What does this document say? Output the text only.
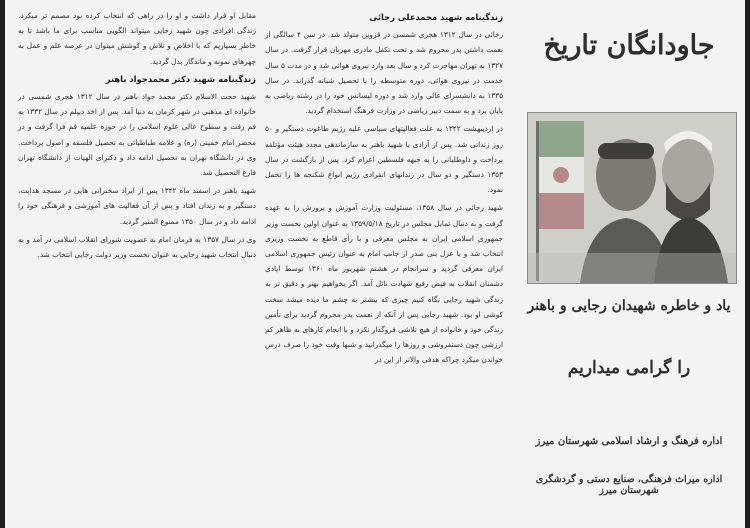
مقابل او قرار داشت و او را در راهی که انتخاب کرده بود مصمم تر میکرد. زندگی افرادی چون شهید رجایی میتواند الگویی مناسب برای ما باشد تا به خاطر بسپاریم که با اخلاص و تلاش و کوشش میتوان در عرصه علم و عمل به چهرهای نمونه و ماندگار بدل گردید.

زندگینامه شهید دکتر محمدجواد باهنر

شهید حجت الاسلام دکتر محمد جواد باهنر در سال ۱۳۱۲ هجری شمسی در خانواده ای مذهبی در شهر کرمان به دنیا آمد. پس از اخذ دیپلم در سال ۱۳۳۲ به قم رفت و سطوح عالی علوم اسلامی را در حوزه علمیه قم فرا گرفت و در محضر امام خمینی (ره) و علامه طباطبائی به تحصیل فلسفه و اصول پرداخت. وی در دانشگاه تهران به تحصیل ادامه داد و دکترای الهیات از دانشگاه تهران فارغ التحصیل شد.

شهید باهنر در اسفند ماه ۱۳۴۲ پس از ایراد سخنرانی هایی در مسجد هدایت، دستگیر و به زندان افتاد و پس از آن فعالیت های آموزشی و فرهنگی خود را ادامه داد و در سال ۱۳۵۰ ممنوع المنبر گردید.

وی در سال ۱۳۵۷ به فرمان امام به عضویت شورای انقلاب اسلامی در آمد و به دنبال انتخاب شهید رجایی به عنوان نخست وزیر دولت رجایی انتخاب شد.

زندگینامه شهید محمدعلی رجائی

رجائی در سال ۱۳۱۲ هجری شمسی در قزوین متولد شد. در سن ۴ سالگی از نعمت داشتن پدر محروم شد و تحت تکفل مادری مهربان قرار گرفت. در سال ۱۳۲۷ به تهران مهاجرت کرد و سال بعد وارد نیروی هوائی شد و در مدت ۵ سال خدمت در نیروی هوائی، دوره متوسطه را با تحصیل شبانه گذراند. در سال ۱۳۳۵ به دانشسرای عالی وارد شد و دوره لیسانس خود را در رشته ریاضی به پایان برد و به سمت دبیر ریاضی در وزارت فرهنگ استخدام گردید.

در اردیبهشت ۱۳۴۲ به علت فعالیتهای سیاسی علیه رژیم طاغوت دستگیر و ۵۰ روز زندانی شد. پس از آزادی با شهید باهنر به سازماندهی مجدد هیئت مؤتلفه پرداخت و داوطلبانی را به جبهه فلسطین اعزام کرد. پس از بازگشت در سال ۱۳۵۳ دستگیر و دو سال در زندانهای انفرادی رژیم انواع شکنجه ها را تحمل نمود.

شهید رجائی در سال ۱۳۵۸، مسئولیت وزارت آموزش و پرورش را به عهده گرفت و به دنبال تمایل مجلس در تاریخ ۱۳۵۹/۵/۱۸ به عنوان اولین نخست وزیر جمهوری اسلامی ایران به مجلس معرفی و با رأی قاطع به نخست وزیری انتخاب شد و با عزل بنی صدر از جانب امام به عنوان رئیس جمهوری اسلامی ایران معرفی گردید و سرانجام در هشتم شهریور ماه ۱۳۶۰ توسط ایادی دشمنان انقلاب به فیض رفیع شهادت نائل آمد. اگر بخواهیم بهتر و دقیق تر به زندگی شهید رجایی نگاه کنیم چیزی که بیشتر به چشم ما دیده میشد سخت کوشی او بود. شهید رجایی پس از آنکه از نعمت پدر محروم گردید برای تأمین زندگی خود و خانواده از هیچ تلاشی فروگذار نکرد و با انجام کارهای به ظاهر کم ارزشی چون دستفروشی و روزها را میگذرانید و شبها وقت خود را صرف درس خواندن میکرد چراکه هدفی والاتر از این در

جاودانگان تاریخ
یاد و خاطره شهیدان رجایی و باهنر
را گرامی میداریم
اداره فرهنگ و ارشاد اسلامی شهرستان میرز
اداره میراث فرهنگی، صنایع دستی و گردشگری شهرستان میرز
